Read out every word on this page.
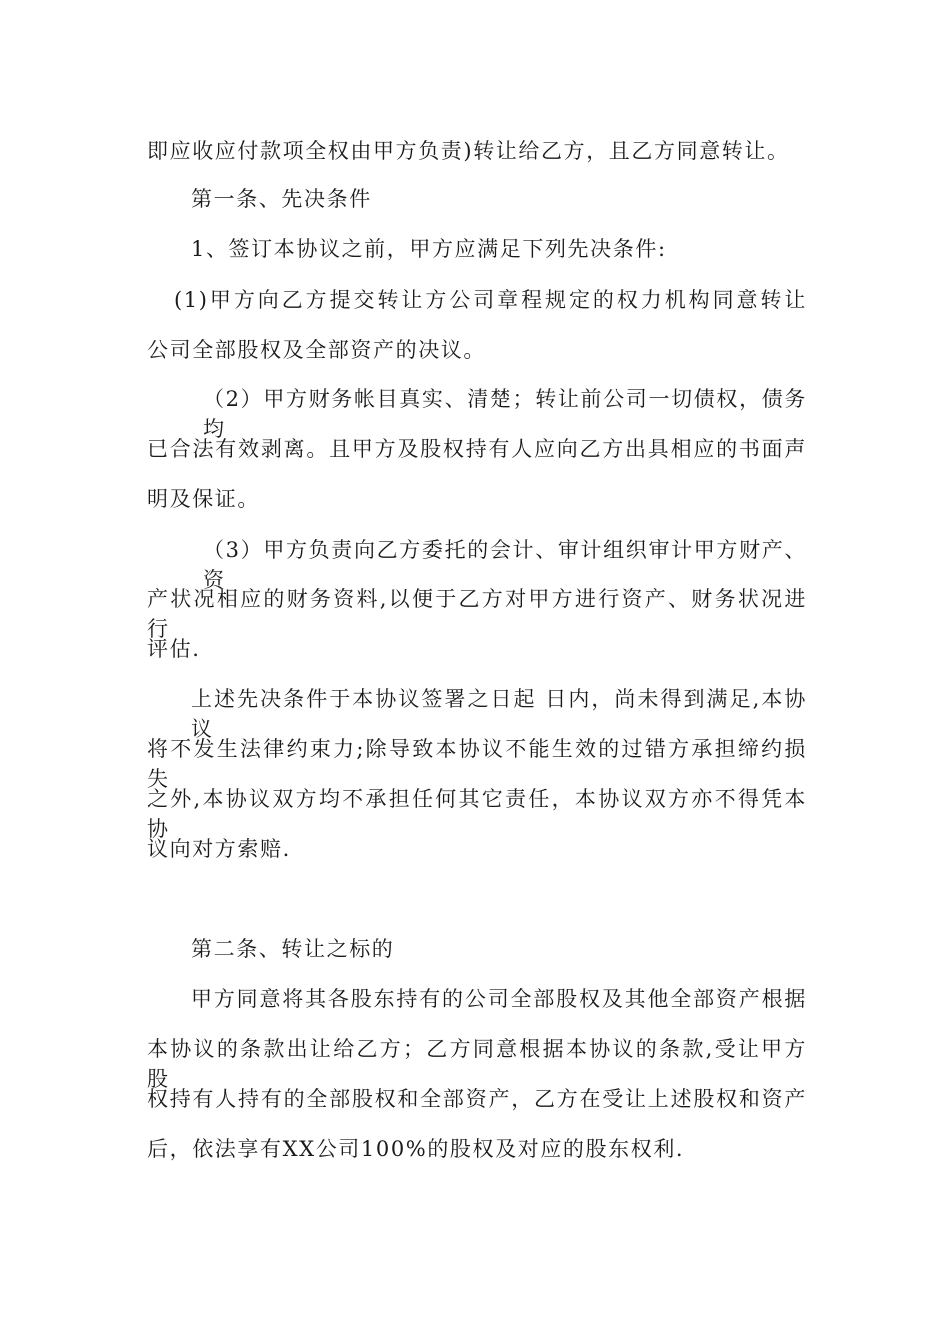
即应收应付款项全权由甲方负责)转让给乙方，且乙方同意转让。
第一条、先决条件
1、签订本协议之前，甲方应满足下列先决条件:
(1)甲方向乙方提交转让方公司章程规定的权力机构同意转让
公司全部股权及全部资产的决议。
（2）甲方财务帐目真实、清楚；转让前公司一切债权，债务均
已合法有效剥离。且甲方及股权持有人应向乙方出具相应的书面声
明及保证。
（3）甲方负责向乙方委托的会计、审计组织审计甲方财产、资
产状况相应的财务资料,以便于乙方对甲方进行资产、财务状况进行
评估.
上述先决条件于本协议签署之日起 日内，尚未得到满足,本协议
将不发生法律约束力;除导致本协议不能生效的过错方承担缔约损失
之外,本协议双方均不承担任何其它责任，本协议双方亦不得凭本协
议向对方索赔.
第二条、转让之标的
甲方同意将其各股东持有的公司全部股权及其他全部资产根据
本协议的条款出让给乙方；乙方同意根据本协议的条款,受让甲方股
权持有人持有的全部股权和全部资产，乙方在受让上述股权和资产
后，依法享有XX公司100%的股权及对应的股东权利.
